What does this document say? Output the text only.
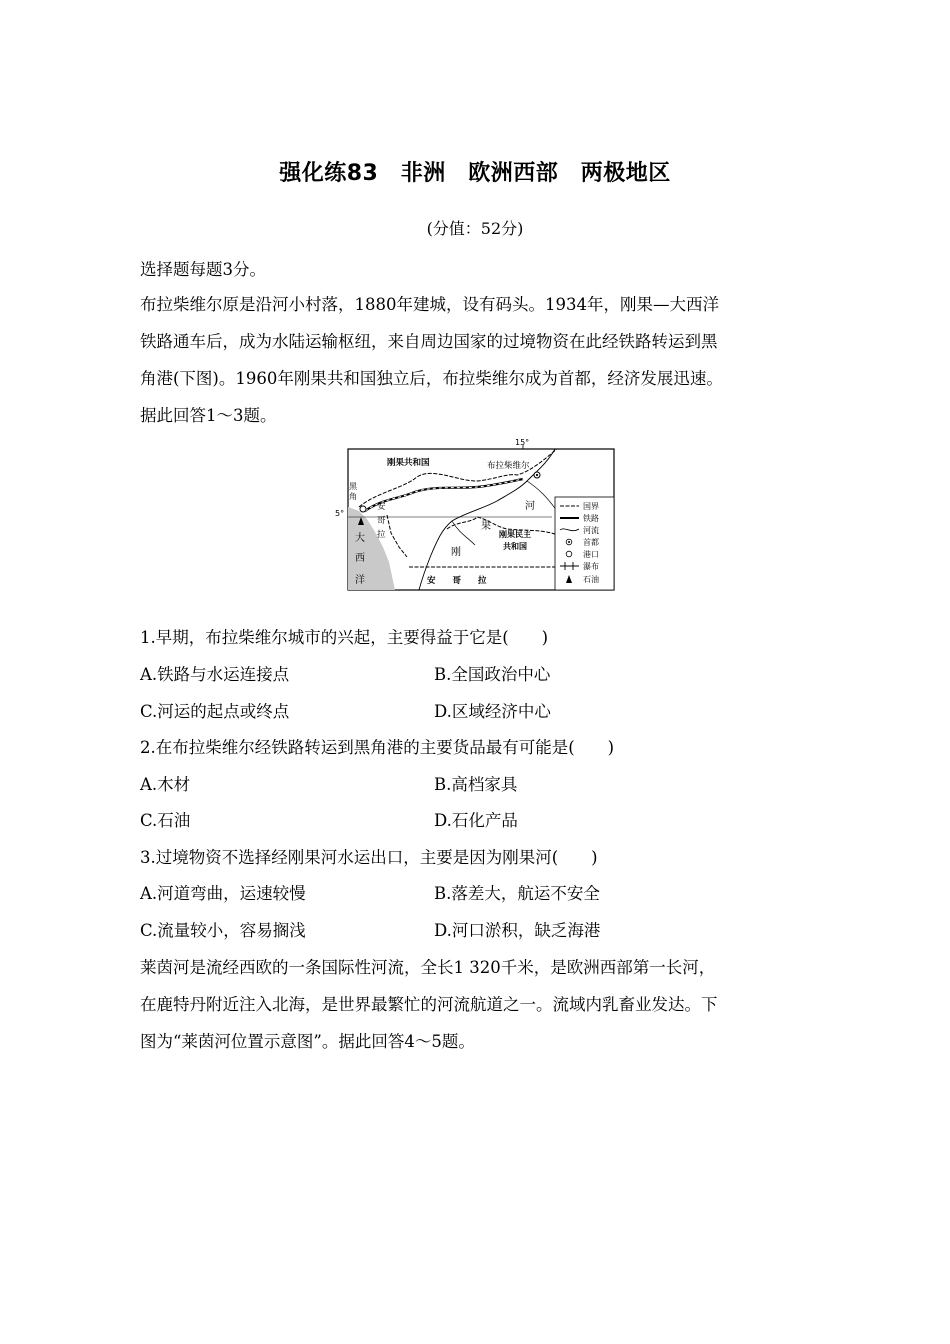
强化练83　非洲　欧洲西部　两极地区
(分值：52分)
选择题每题3分。
布拉柴维尔原是沿河小村落，1880年建城，设有码头。1934年，刚果—大西洋
铁路通车后，成为水陆运输枢纽，来自周边国家的过境物资在此经铁路转运到黑
角港(下图)。1960年刚果共和国独立后，布拉柴维尔成为首都，经济发展迅速。
据此回答1～3题。
15°
5°
刚果共和国	布拉柴维尔
黑
角
安
哥
拉
河
果
刚
刚果民主
共和国
大
西
洋	安　　哥　　拉
国界
铁路
河流
首都
港口
瀑布
石油
1.早期，布拉柴维尔城市的兴起，主要得益于它是(　　)
A.铁路与水运连接点	B.全国政治中心
C.河运的起点或终点	D.区域经济中心
2.在布拉柴维尔经铁路转运到黑角港的主要货品最有可能是(　　)
A.木材	B.高档家具
C.石油	D.石化产品
3.过境物资不选择经刚果河水运出口，主要是因为刚果河(　　)
A.河道弯曲，运速较慢	B.落差大，航运不安全
C.流量较小，容易搁浅	D.河口淤积，缺乏海港
莱茵河是流经西欧的一条国际性河流，全长1 320千米，是欧洲西部第一长河，
在鹿特丹附近注入北海，是世界最繁忙的河流航道之一。流域内乳畜业发达。下
图为“莱茵河位置示意图”。据此回答4～5题。
